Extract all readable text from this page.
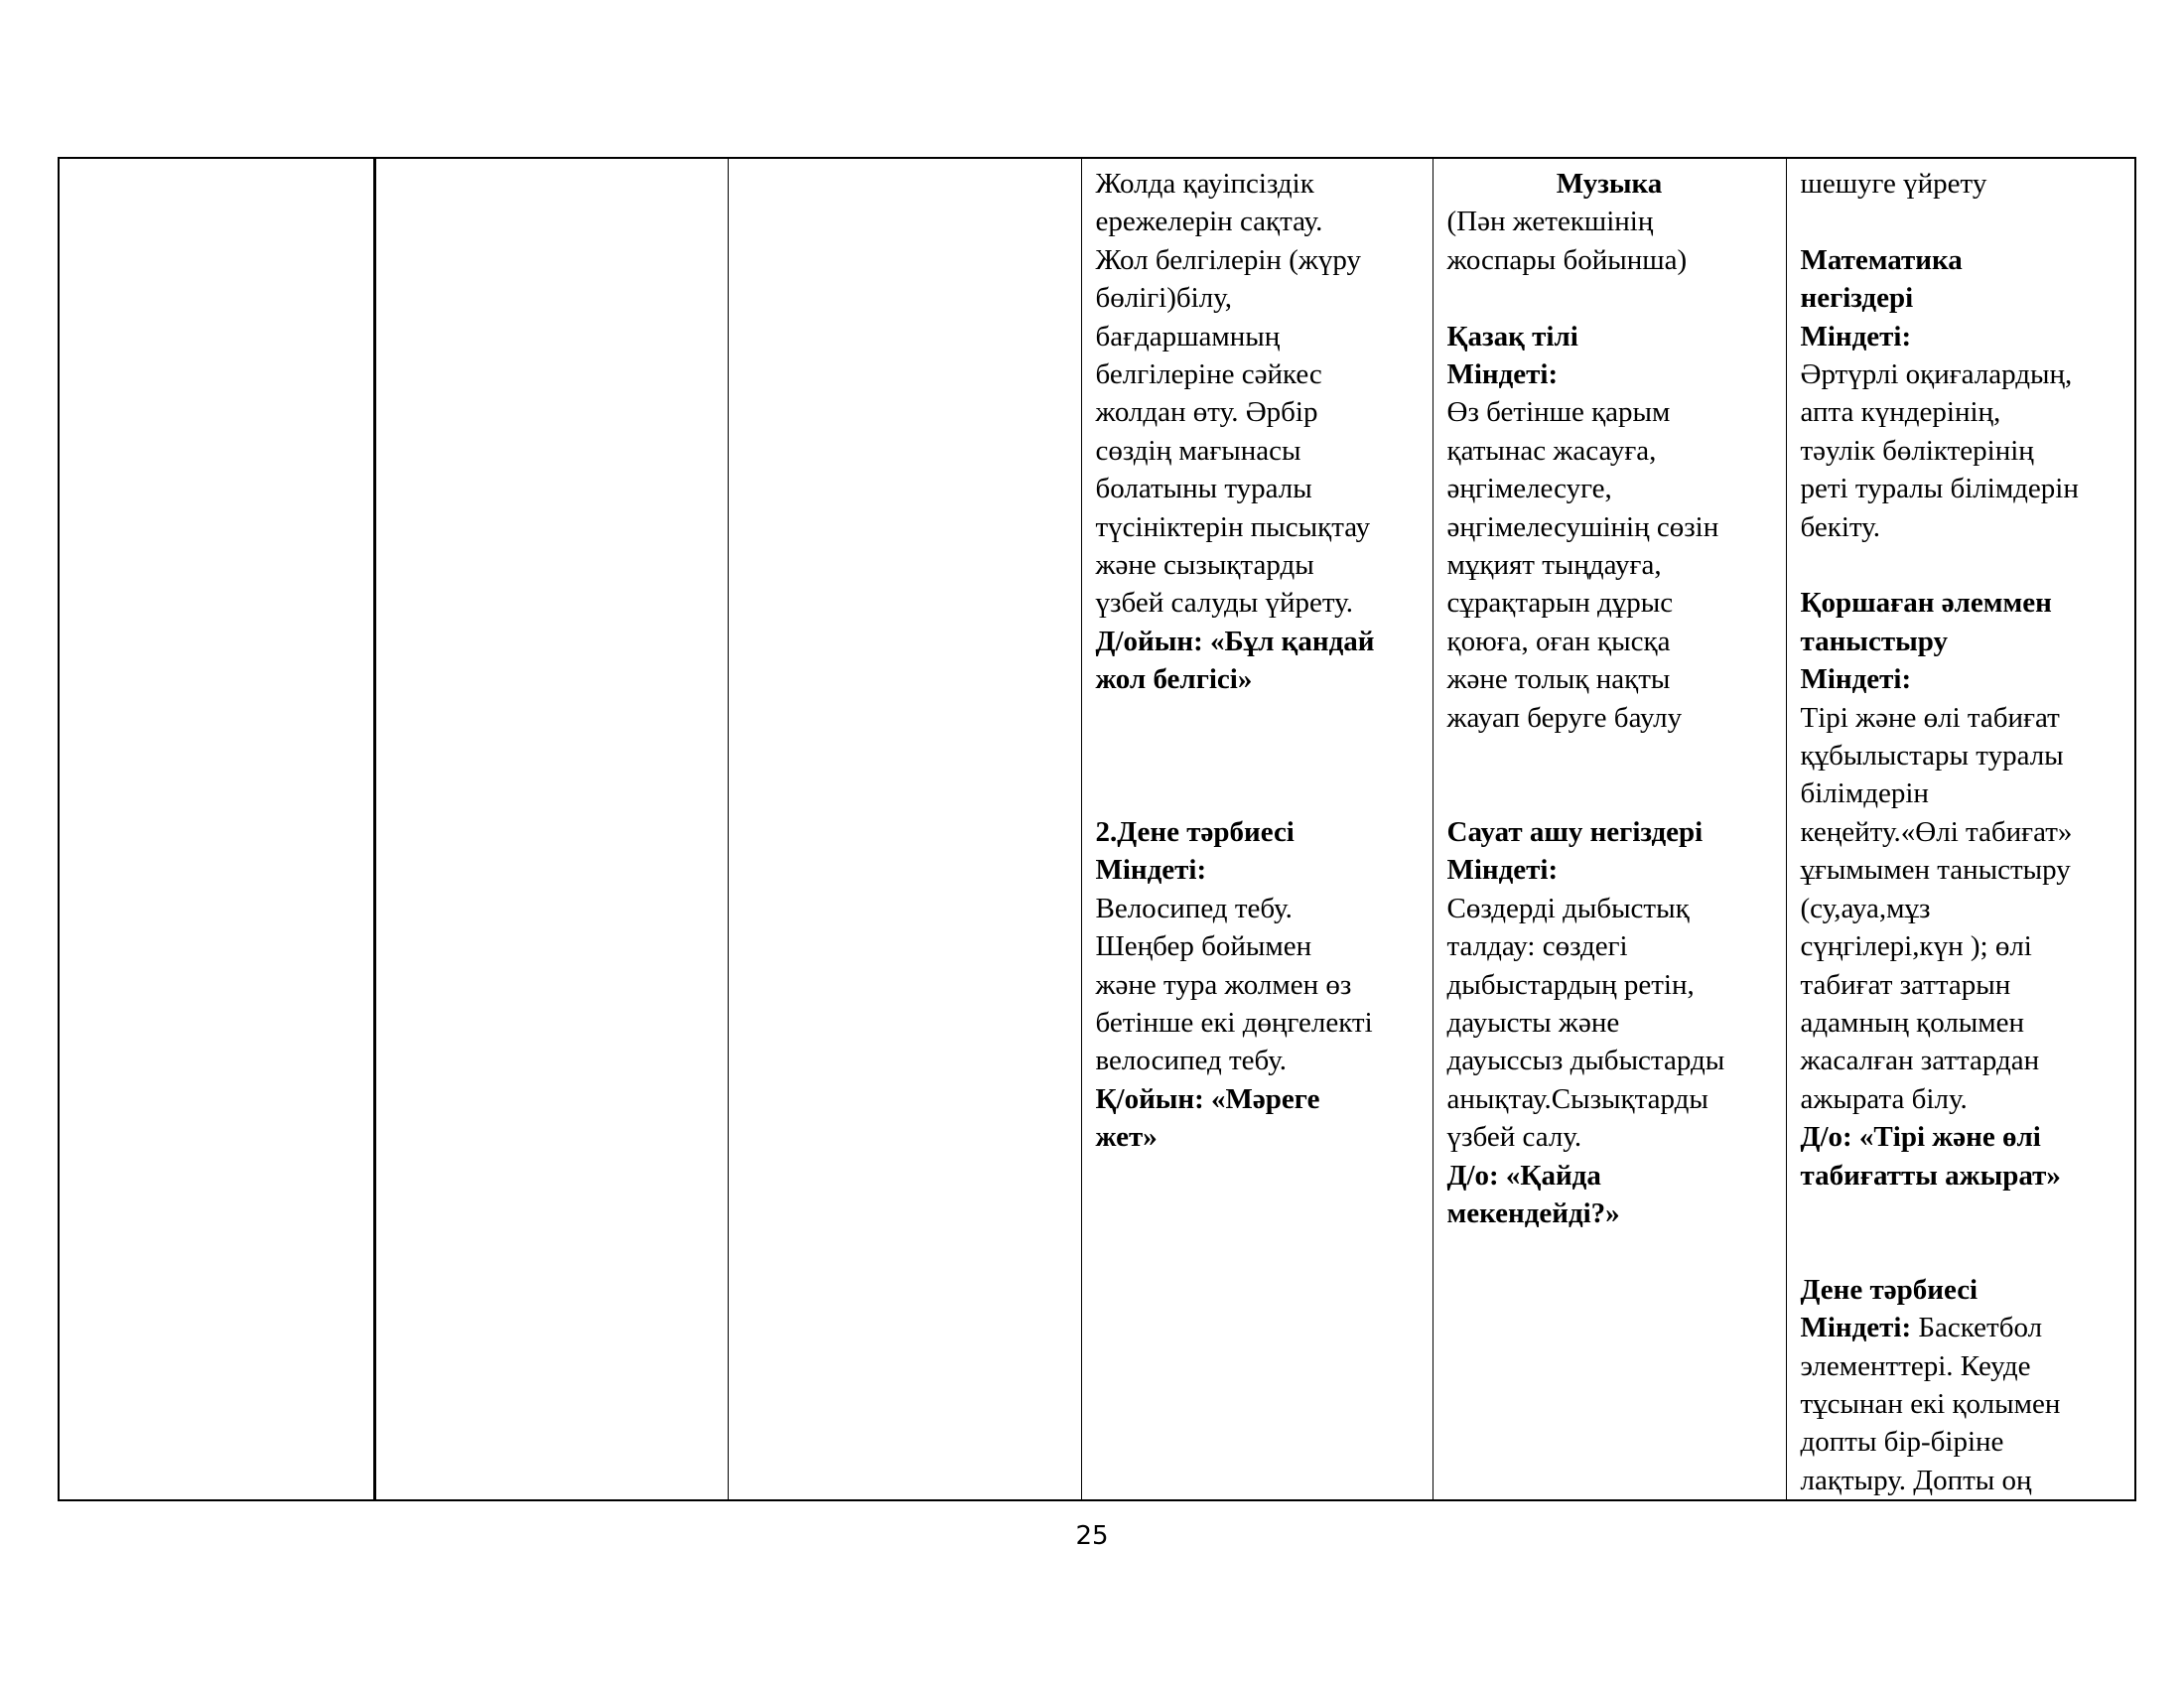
Жолда қауіпсіздік
ережелерін сақтау.
Жол белгілерін (жүру
бөлігі)білу,
бағдаршамның
белгілеріне сәйкес
жолдан өту. Әрбір
сөздің мағынасы
болатыны туралы
түсініктерін пысықтау
және сызықтарды
үзбей салуды үйрету.
Д/ойын: «Бұл қандай
жол белгісі»
2.Дене тәрбиесі
Міндеті:
Велосипед тебу.
Шеңбер бойымен
және тура жолмен өз
бетінше екі дөңгелекті
велосипед тебу.
Қ/ойын: «Мәреге
жет»

Музыка
(Пән жетекшінің
жоспары бойынша)
Қазақ тілі
Міндеті:
Өз бетінше қарым
қатынас жасауға,
әңгімелесуге,
әңгімелесушінің сөзін
мұқият тыңдауға,
сұрақтарын дұрыс
қоюға, оған қысқа
және толық нақты
жауап беруге баулу
Сауат ашу негіздері
Міндеті:
Сөздерді дыбыстық
талдау: сөздегі
дыбыстардың ретін,
дауысты және
дауыссыз дыбыстарды
анықтау.Сызықтарды
үзбей салу.
Д/о: «Қайда
мекендейді?»

шешуге үйрету
Математика
негіздері
Міндеті:
Әртүрлі оқиғалардың,
апта күндерінің,
тәулік бөліктерінің
реті туралы білімдерін
бекіту.
Қоршаған әлеммен
таныстыру
Міндеті:
Тірі және өлі табиғат
құбылыстары туралы
білімдерін
кеңейту.«Өлі табиғат»
ұғымымен таныстыру
(су,ауа,мұз
сүңгілері,күн ); өлі
табиғат заттарын
адамның қолымен
жасалған заттардан
ажырата білу.
Д/о: «Тірі және өлі
табиғатты ажырат»
Дене тәрбиесі
Міндеті: Баскетбол
элементтері. Кеуде
тұсынан екі қолымен
допты бір-біріне
лақтыру. Допты оң
25
